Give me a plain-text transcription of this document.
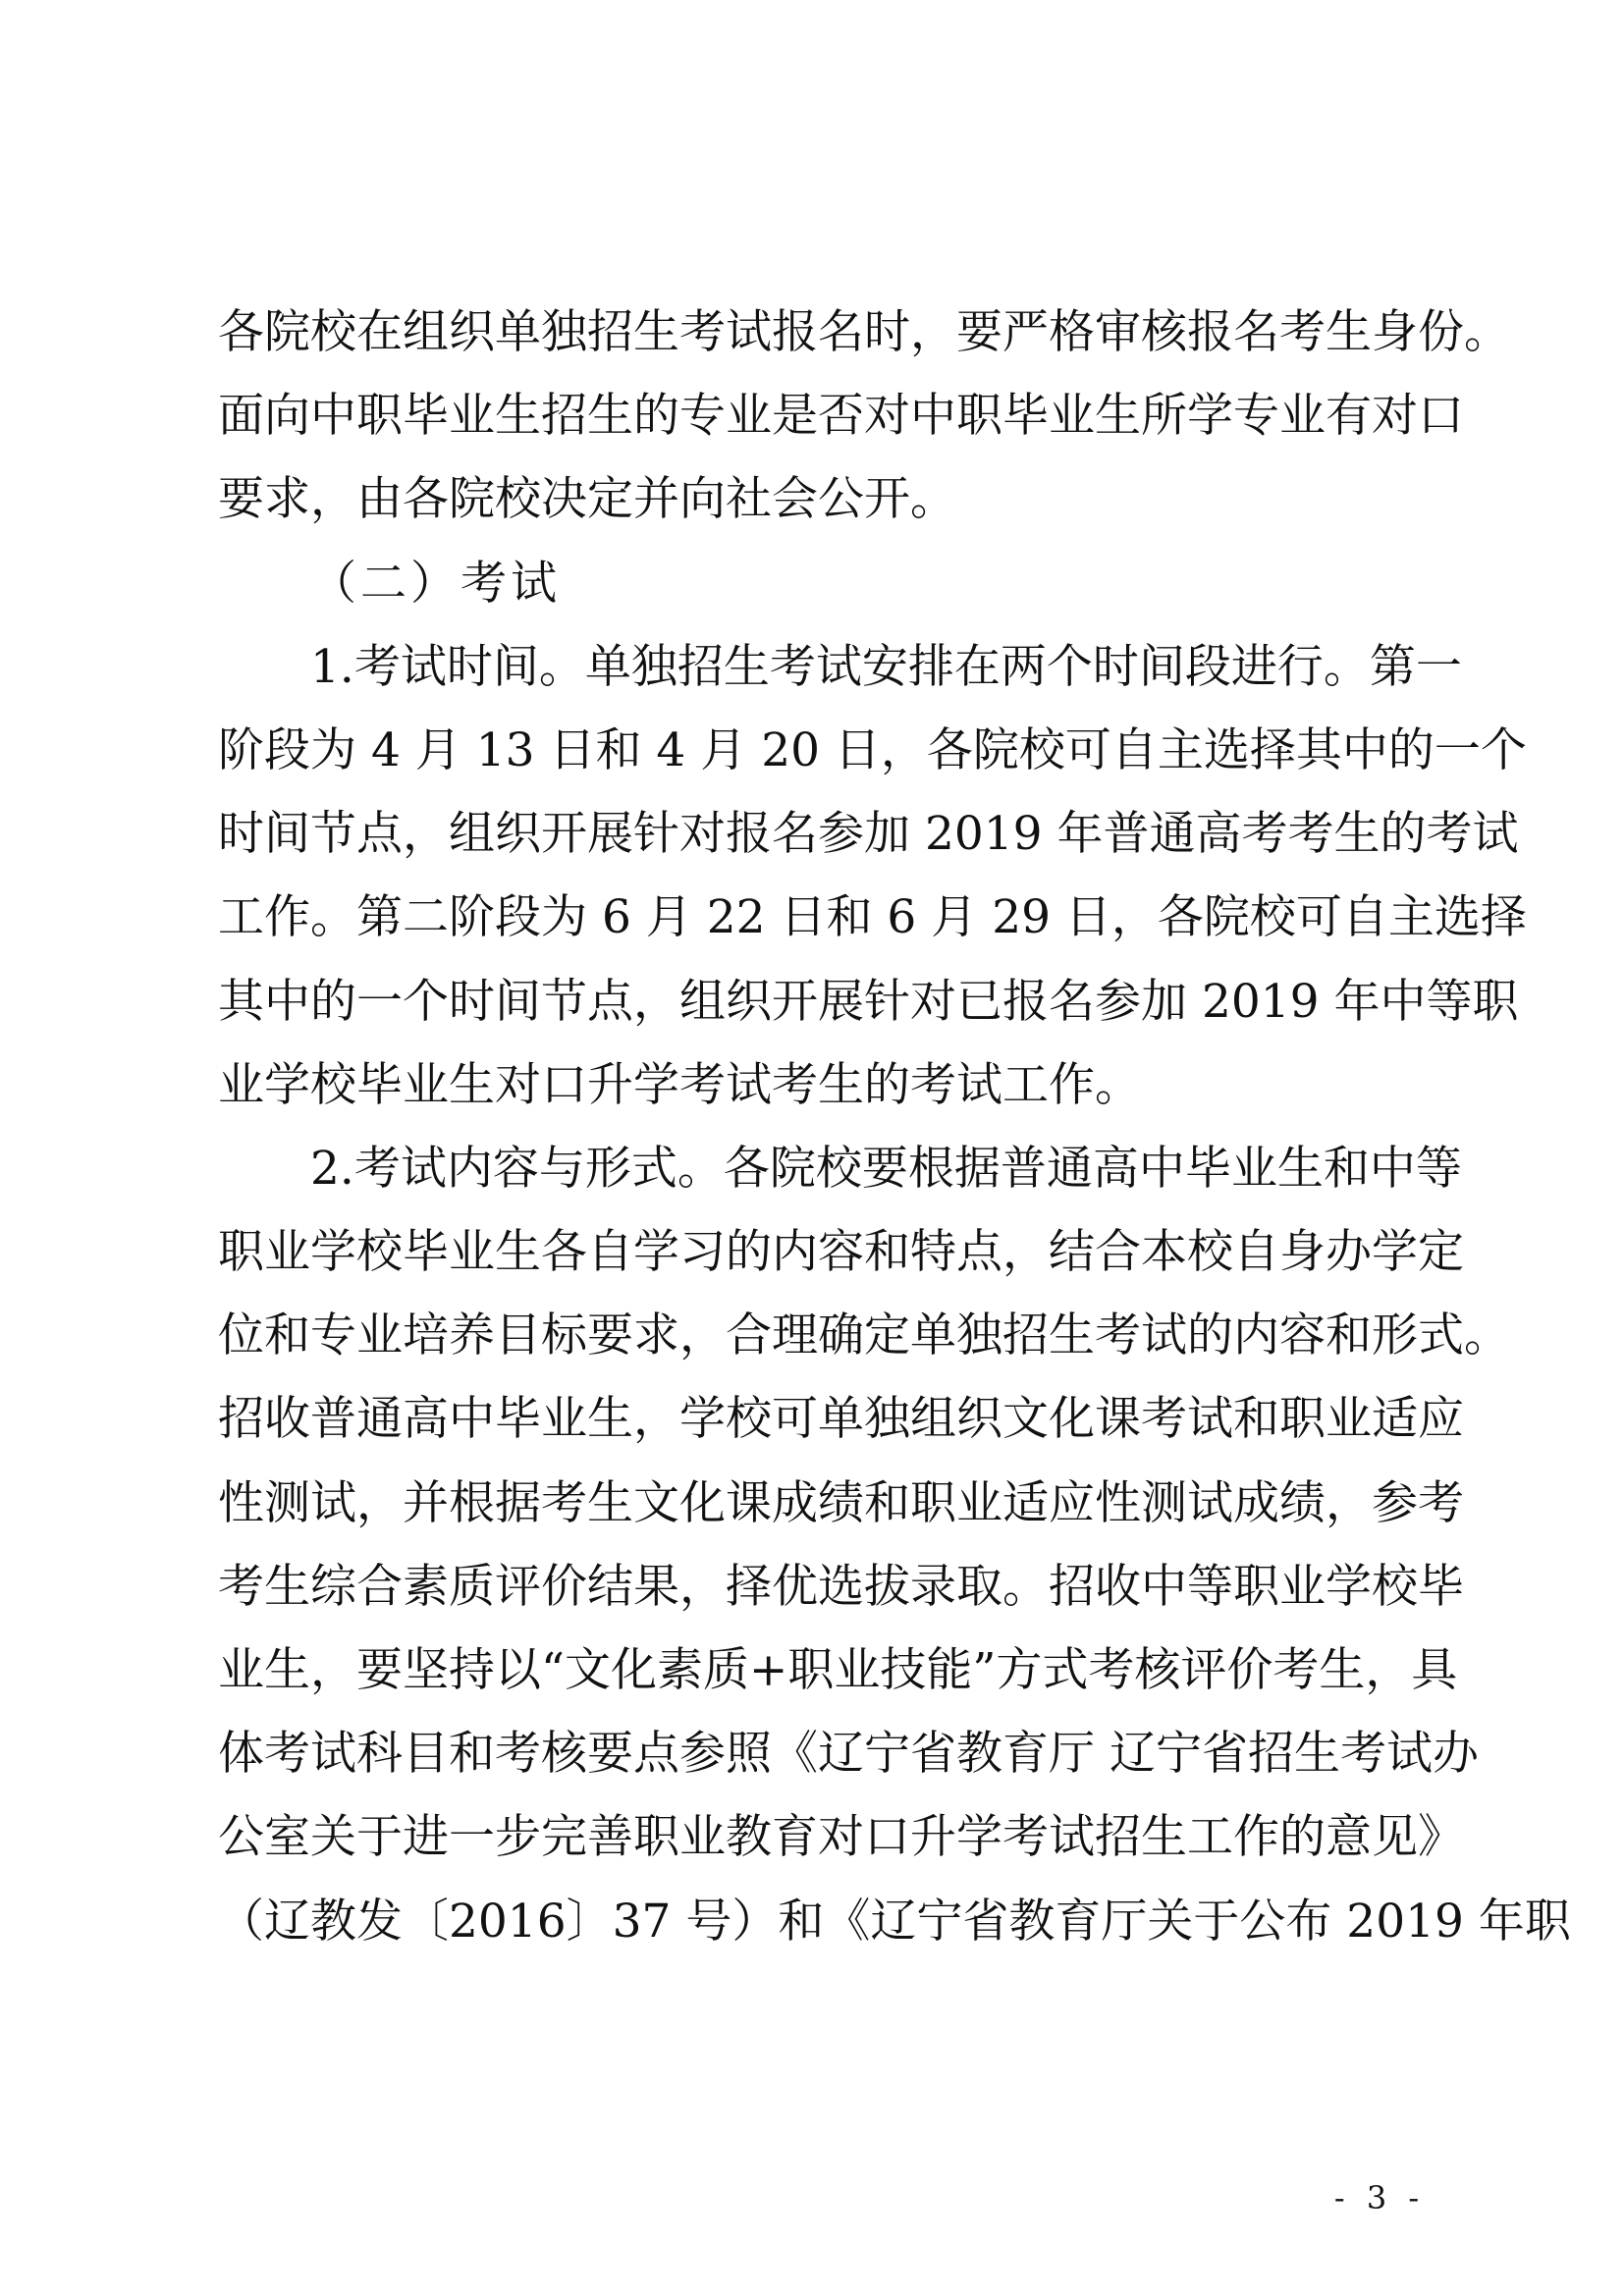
各院校在组织单独招生考试报名时，要严格审核报名考生身份。
面向中职毕业生招生的专业是否对中职毕业生所学专业有对口
要求，由各院校决定并向社会公开。
（二）考试
1.考试时间。单独招生考试安排在两个时间段进行。第一
阶段为 4 月 13 日和 4 月 20 日，各院校可自主选择其中的一个
时间节点，组织开展针对报名参加 2019 年普通高考考生的考试
工作。第二阶段为 6 月 22 日和 6 月 29 日，各院校可自主选择
其中的一个时间节点，组织开展针对已报名参加 2019 年中等职
业学校毕业生对口升学考试考生的考试工作。
2.考试内容与形式。各院校要根据普通高中毕业生和中等
职业学校毕业生各自学习的内容和特点，结合本校自身办学定
位和专业培养目标要求，合理确定单独招生考试的内容和形式。
招收普通高中毕业生，学校可单独组织文化课考试和职业适应
性测试，并根据考生文化课成绩和职业适应性测试成绩，参考
考生综合素质评价结果，择优选拔录取。招收中等职业学校毕
业生，要坚持以“文化素质+职业技能”方式考核评价考生，具
体考试科目和考核要点参照《辽宁省教育厅 辽宁省招生考试办
公室关于进一步完善职业教育对口升学考试招生工作的意见》
（辽教发〔2016〕37 号）和《辽宁省教育厅关于公布 2019 年职
- 3 -
